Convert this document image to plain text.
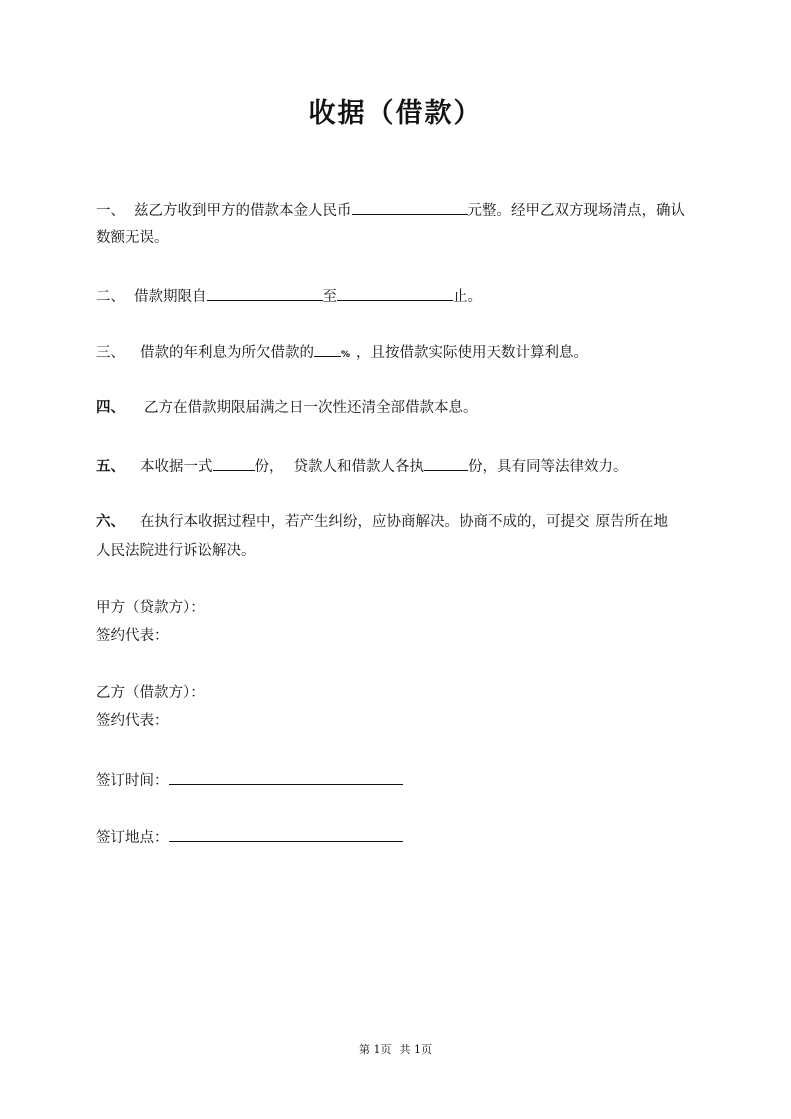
收据（借款）
一、 兹乙方收到甲方的借款本金人民币	元整。经甲乙双方现场清点，确认
数额无误。
二、 借款期限自	至	止。
三、 借款的年利息为所欠借款的	% ，且按借款实际使用天数计算利息。
四、 乙方在借款期限届满之日一次性还清全部借款本息。
五、 本收据一式	份， 贷款人和借款人各执	份，具有同等法律效力。
六、 在执行本收据过程中，若产生纠纷，应协商解决。协商不成的，可提交 原告所在地
人民法院进行诉讼解决。
甲方（贷款方）：
签约代表：
乙方（借款方）：
签约代表：
签订时间：
签订地点：
第 1页 共 1页
